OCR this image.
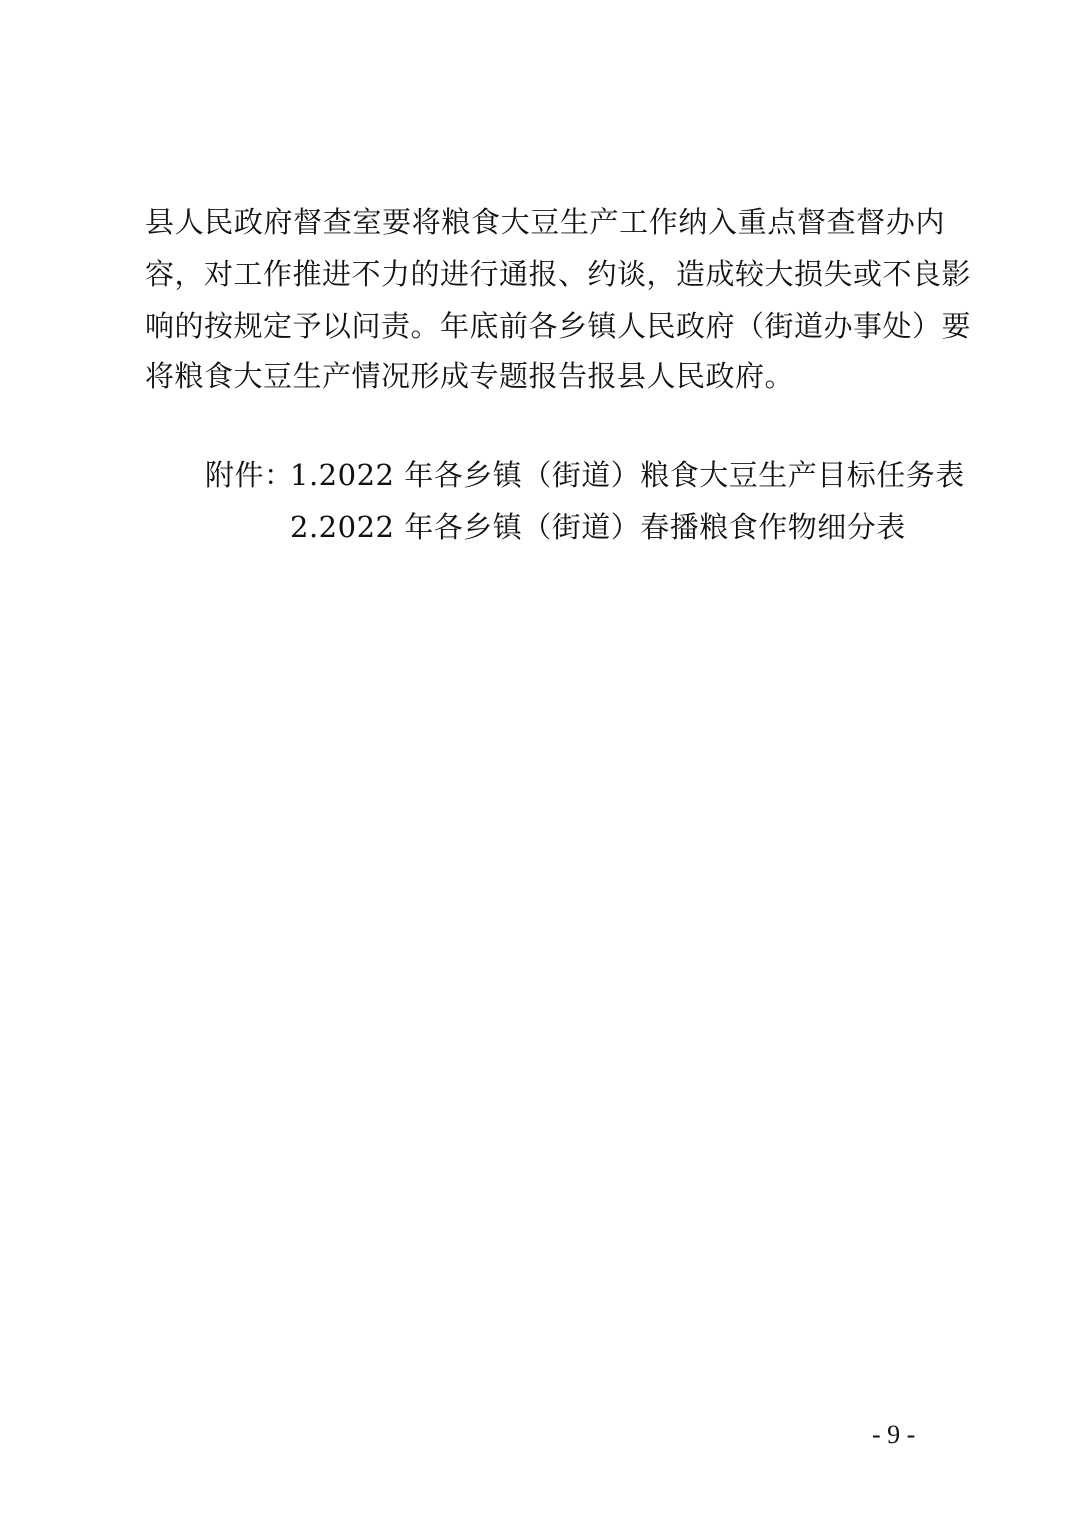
县人民政府督查室要将粮食大豆生产工作纳入重点督查督办内
容，对工作推进不力的进行通报、约谈，造成较大损失或不良影
响的按规定予以问责。年底前各乡镇人民政府（街道办事处）要
将粮食大豆生产情况形成专题报告报县人民政府。
附件：
1.2022 年各乡镇（街道）粮食大豆生产目标任务表
2.2022 年各乡镇（街道）春播粮食作物细分表
- 9 -
